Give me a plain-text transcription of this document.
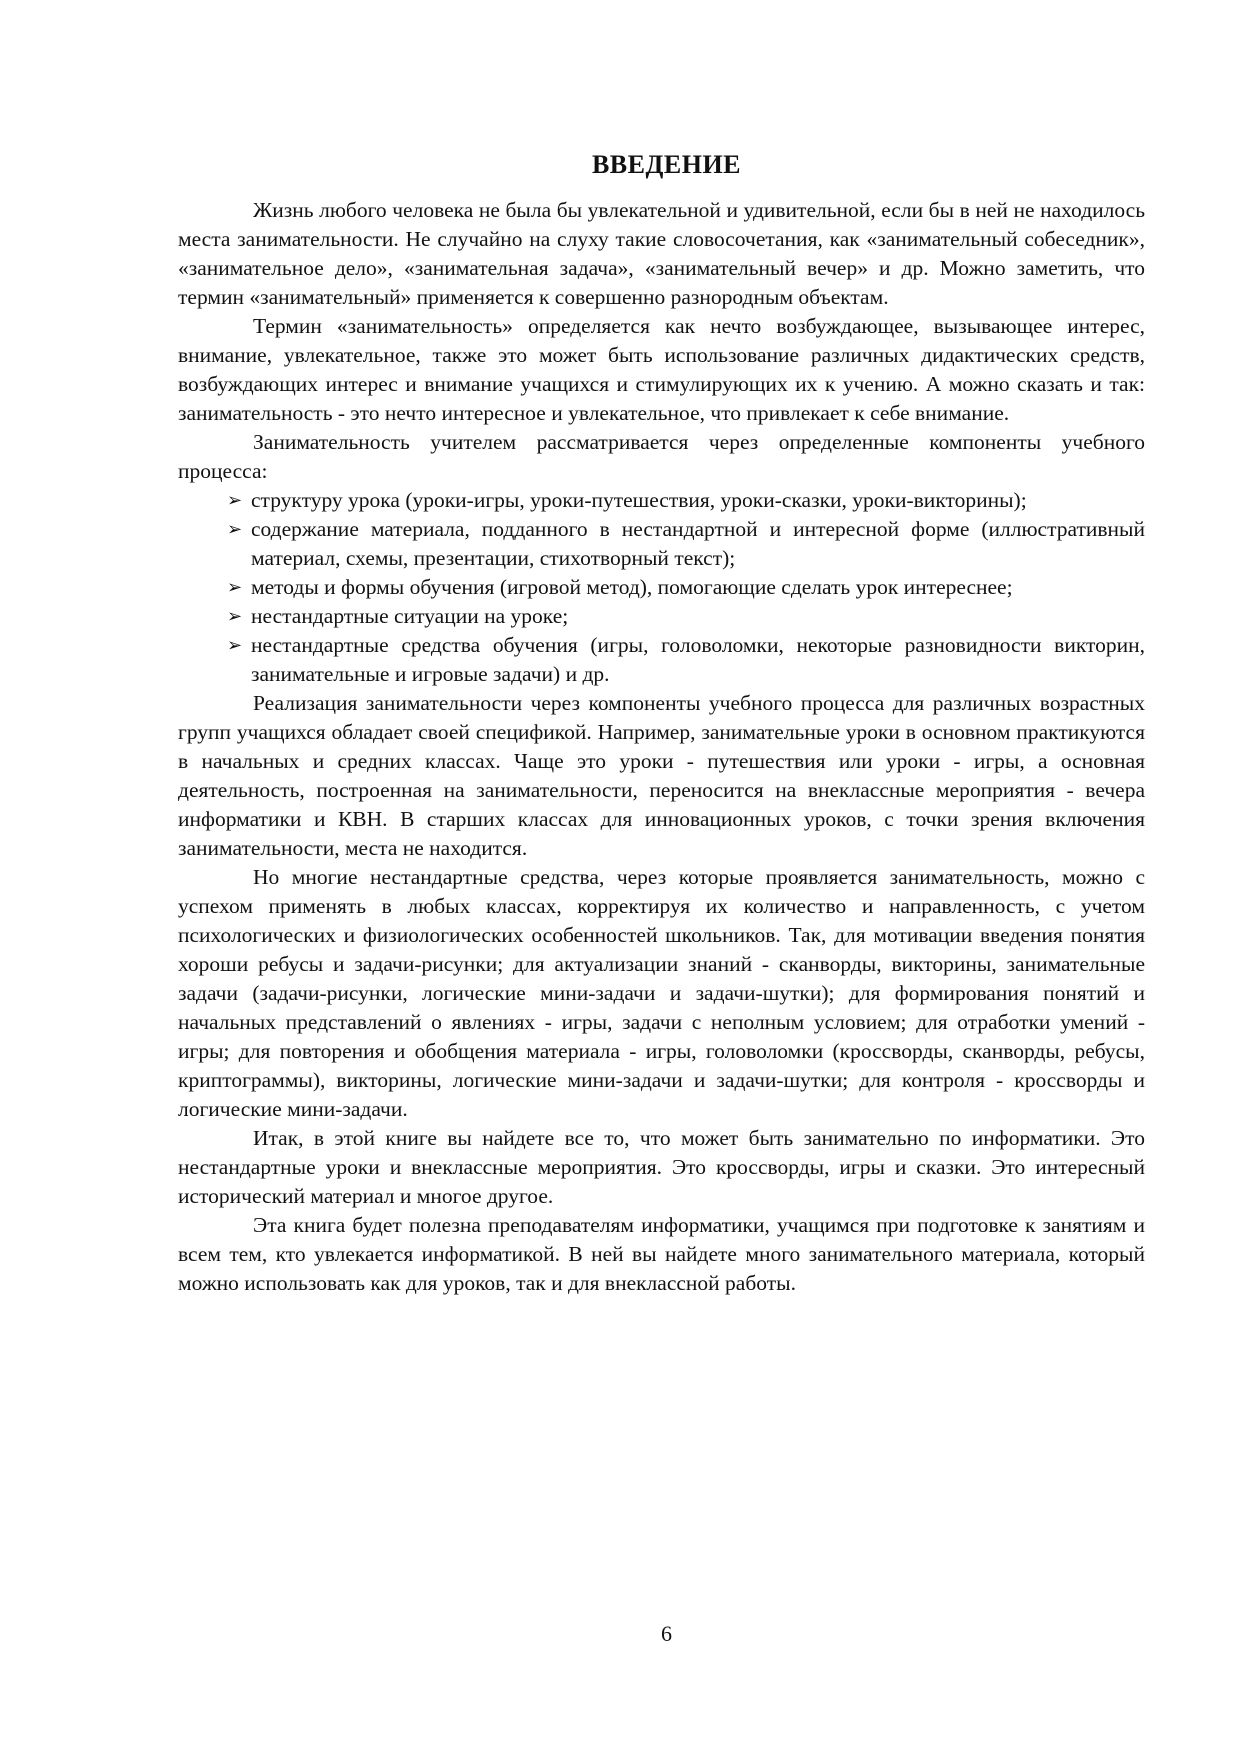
ВВЕДЕНИЕ

Жизнь любого человека не была бы увлекательной и удивительной, если бы в ней не находилось места занимательности. Не случайно на слуху такие словосочетания, как «занимательный собеседник», «занимательное дело», «занимательная задача», «занимательный вечер» и др. Можно заметить, что термин «занимательный» применяется к совершенно разнородным объектам.

Термин «занимательность» определяется как нечто возбуждающее, вызывающее интерес, внимание, увлекательное, также это может быть использование различных дидактических средств, возбуждающих интерес и внимание учащихся и стимулирующих их к учению. А можно сказать и так: занимательность - это нечто интересное и увлекательное, что привлекает к себе внимание.

Занимательность учителем рассматривается через определенные компоненты учебного процесса:

➢ структуру урока (уроки-игры, уроки-путешествия, уроки-сказки, уроки-викторины);
➢ содержание материала, подданного в нестандартной и интересной форме (иллюстративный материал, схемы, презентации, стихотворный текст);
➢ методы и формы обучения (игровой метод), помогающие сделать урок интереснее;
➢ нестандартные ситуации на уроке;
➢ нестандартные средства обучения (игры, головоломки, некоторые разновидности викторин, занимательные и игровые задачи) и др.

Реализация занимательности через компоненты учебного процесса для различных возрастных групп учащихся обладает своей спецификой. Например, занимательные уроки в основном практикуются в начальных и средних классах. Чаще это уроки - путешествия или уроки - игры, а основная деятельность, построенная на занимательности, переносится на внеклассные мероприятия - вечера информатики и КВН. В старших классах для инновационных уроков, с точки зрения включения занимательности, места не находится.

Но многие нестандартные средства, через которые проявляется занимательность, можно с успехом применять в любых классах, корректируя их количество и направленность, с учетом психологических и физиологических особенностей школьников. Так, для мотивации введения понятия хороши ребусы и задачи-рисунки; для актуализации знаний - сканворды, викторины, занимательные задачи (задачи-рисунки, логические мини-задачи и задачи-шутки); для формирования понятий и начальных представлений о явлениях - игры, задачи с неполным условием; для отработки умений - игры; для повторения и обобщения материала - игры, головоломки (кроссворды, сканворды, ребусы, криптограммы), викторины, логические мини-задачи и задачи-шутки; для контроля - кроссворды и логические мини-задачи.

Итак, в этой книге вы найдете все то, что может быть занимательно по информатики. Это нестандартные уроки и внеклассные мероприятия. Это кроссворды, игры и сказки. Это интересный исторический материал и многое другое.

Эта книга будет полезна преподавателям информатики, учащимся при подготовке к занятиям и всем тем, кто увлекается информатикой. В ней вы найдете много занимательного материала, который можно использовать как для уроков, так и для внеклассной работы.

6
